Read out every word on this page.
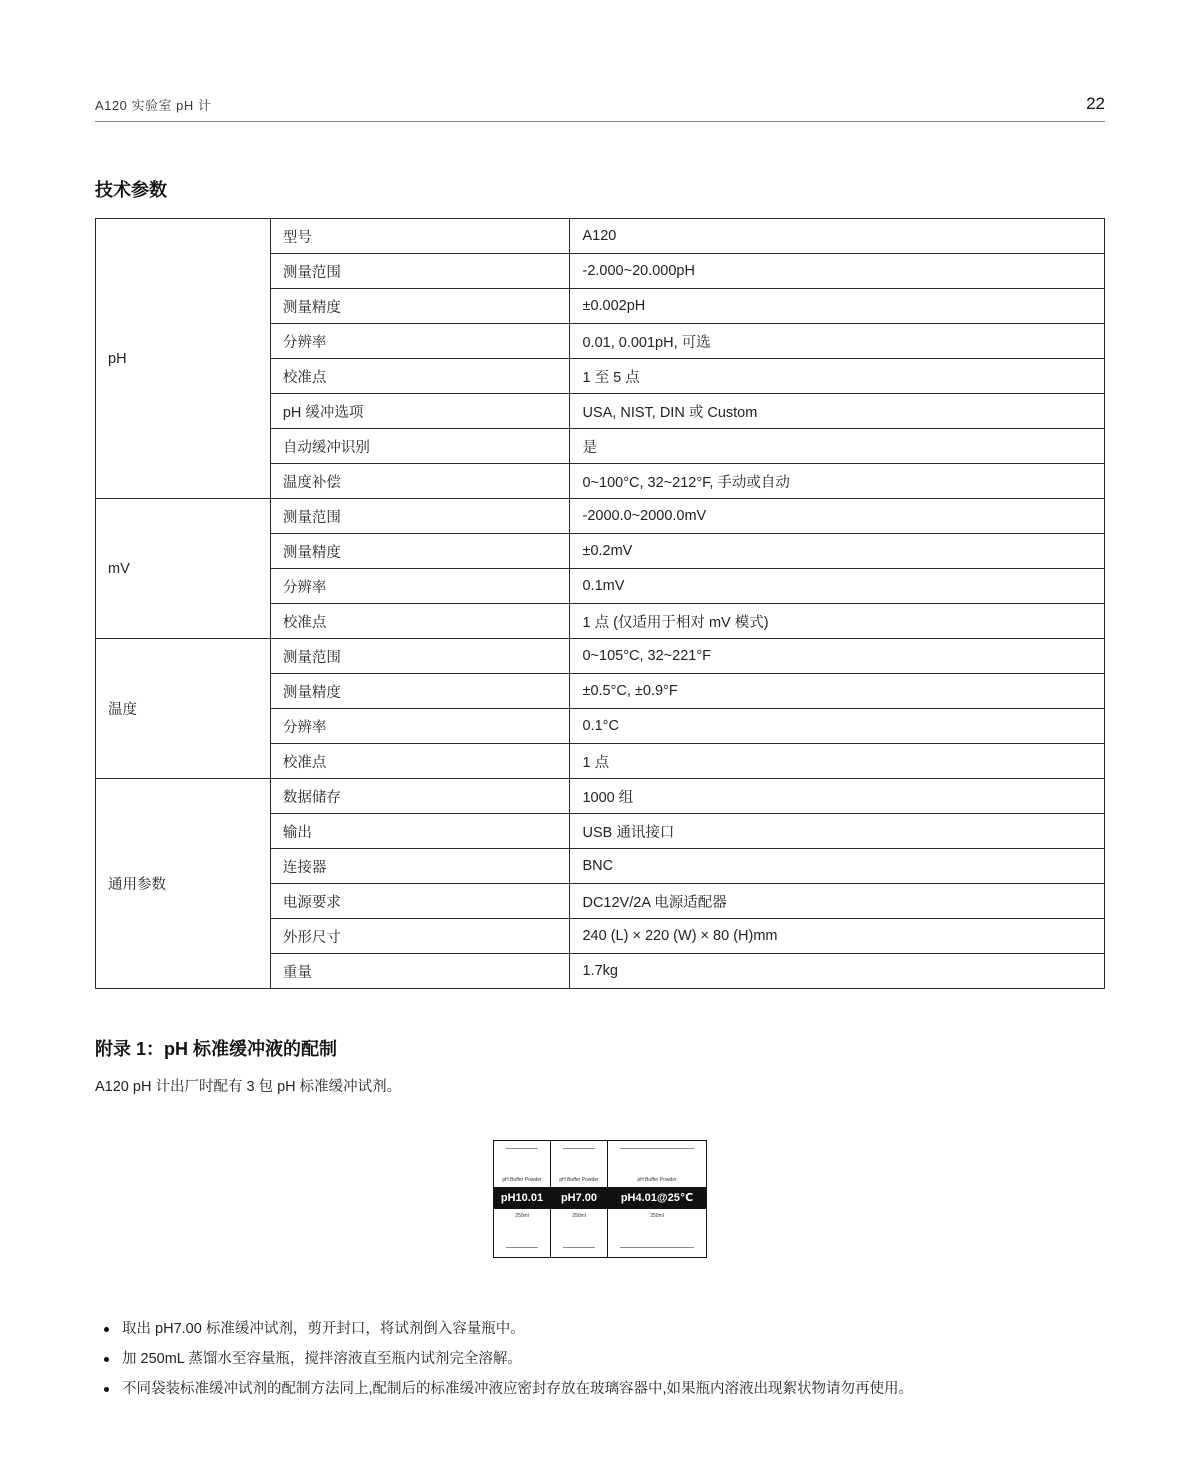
A120 实验室 pH 计	22
技术参数
pH	型号	A120
	测量范围	-2.000~20.000pH
	测量精度	±0.002pH
	分辨率	0.01, 0.001pH, 可选
	校准点	1 至 5 点
	pH 缓冲选项	USA, NIST, DIN 或 Custom
	自动缓冲识别	是
	温度补偿	0~100°C, 32~212°F, 手动或自动
mV	测量范围	-2000.0~2000.0mV
	测量精度	±0.2mV
	分辨率	0.1mV
	校准点	1 点 (仅适用于相对 mV 模式)
温度	测量范围	0~105°C, 32~221°F
	测量精度	±0.5°C, ±0.9°F
	分辨率	0.1°C
	校准点	1 点
通用参数	数据储存	1000 组
	输出	USB 通讯接口
	连接器	BNC
	电源要求	DC12V/2A 电源适配器
	外形尺寸	240 (L) × 220 (W) × 80 (H)mm
	重量	1.7kg
附录 1：pH 标准缓冲液的配制

A120 pH 计出厂时配有 3 包 pH 标准缓冲试剂。

pH Buffer Powder
pH10.01
250ml
pH Buffer Powder
pH7.00
250ml
pH Buffer Powder
pH4.01@25℃
250ml
取出 pH7.00 标准缓冲试剂，剪开封口，将试剂倒入容量瓶中。
加 250mL 蒸馏水至容量瓶，搅拌溶液直至瓶内试剂完全溶解。
不同袋装标准缓冲试剂的配制方法同上,配制后的标准缓冲液应密封存放在玻璃容器中,如果瓶内溶液出现絮状物请勿再使用。
